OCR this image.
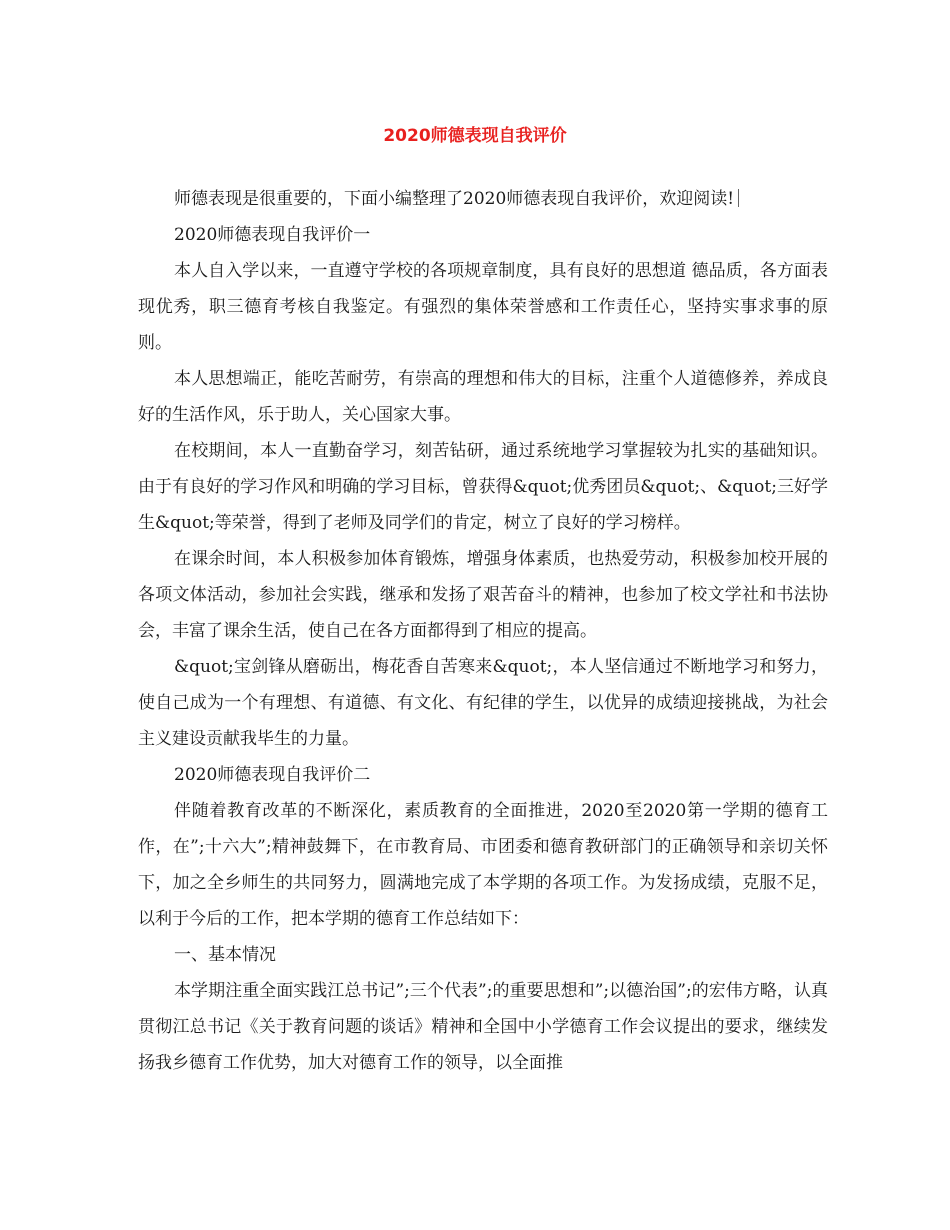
2020师德表现自我评价

师德表现是很重要的，下面小编整理了2020师德表现自我评价，欢迎阅读!

2020师德表现自我评价一

本人自入学以来，一直遵守学校的各项规章制度，具有良好的思想道 德品质，各方面表现优秀，职三德育考核自我鉴定。有强烈的集体荣誉感和工作责任心，坚持实事求事的原则。

本人思想端正，能吃苦耐劳，有崇高的理想和伟大的目标，注重个人道德修养，养成良好的生活作风，乐于助人，关心国家大事。

在校期间，本人一直勤奋学习，刻苦钻研，通过系统地学习掌握较为扎实的基础知识。由于有良好的学习作风和明确的学习目标，曾获得&quot;优秀团员&quot;、&quot;三好学生&quot;等荣誉，得到了老师及同学们的肯定，树立了良好的学习榜样。

在课余时间，本人积极参加体育锻炼，增强身体素质，也热爱劳动，积极参加校开展的各项文体活动，参加社会实践，继承和发扬了艰苦奋斗的精神，也参加了校文学社和书法协会，丰富了课余生活，使自己在各方面都得到了相应的提高。

&quot;宝剑锋从磨砺出，梅花香自苦寒来&quot;，本人坚信通过不断地学习和努力，使自己成为一个有理想、有道德、有文化、有纪律的学生，以优异的成绩迎接挑战，为社会主义建设贡献我毕生的力量。

2020师德表现自我评价二

伴随着教育改革的不断深化，素质教育的全面推进，2020至2020第一学期的德育工作，在”;十六大”;精神鼓舞下，在市教育局、市团委和德育教研部门的正确领导和亲切关怀下，加之全乡师生的共同努力，圆满地完成了本学期的各项工作。为发扬成绩，克服不足，以利于今后的工作，把本学期的德育工作总结如下：

一、基本情况

本学期注重全面实践江总书记”;三个代表”;的重要思想和”;以德治国”;的宏伟方略，认真贯彻江总书记《关于教育问题的谈话》精神和全国中小学德育工作会议提出的要求，继续发扬我乡德育工作优势，加大对德育工作的领导，以全面推
